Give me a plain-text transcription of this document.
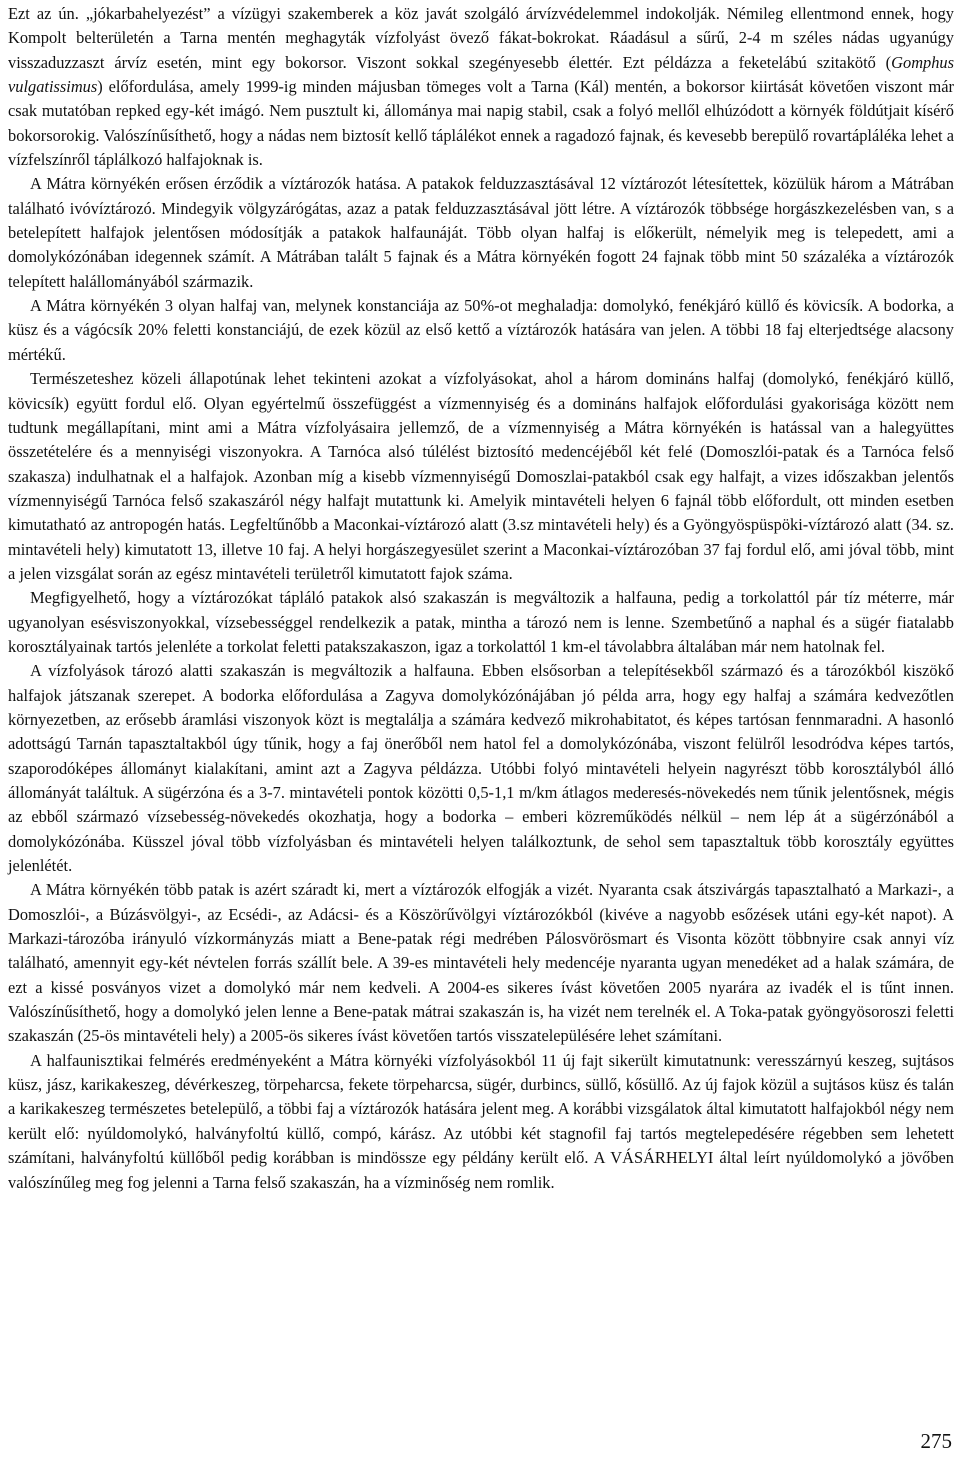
Ezt az ún. „jókarbahelyezést” a vízügyi szakemberek a köz javát szolgáló árvízvédelemmel indokolják. Némileg ellentmond ennek, hogy Kompolt belterületén a Tarna mentén meghagyták vízfolyást övező fákat-bokrokat. Ráadásul a sűrű, 2-4 m széles nádas ugyanúgy visszaduzzaszt árvíz esetén, mint egy bokorsor. Viszont sokkal szegényesebb élettér. Ezt példázza a feketelábú szitakötő (Gomphus vulgatissimus) előfordulása, amely 1999-ig minden májusban tömeges volt a Tarna (Kál) mentén, a bokorsor kiirtását követően viszont már csak mutatóban repked egy-két imágó. Nem pusztult ki, állománya mai napig stabil, csak a folyó mellől elhúzódott a környék földútjait kísérő bokorsorokig. Valószínűsíthető, hogy a nádas nem biztosít kellő táplálékot ennek a ragadozó fajnak, és kevesebb berepülő rovartápláléka lehet a vízfelszínről táplálkozó halfajoknak is.

A Mátra környékén erősen érződik a víztározók hatása. A patakok felduzzasztásával 12 víztározót létesítettek, közülük három a Mátrában található ivóvíztározó. Mindegyik völgyzárógátas, azaz a patak felduzzasztásával jött létre. A víztározók többsége horgászkezelésben van, s a betelepített halfajok jelentősen módosítják a patakok halfaunáját. Több olyan halfaj is előkerült, némelyik meg is telepedett, ami a domolykózónában idegennek számít. A Mátrában talált 5 fajnak és a Mátra környékén fogott 24 fajnak több mint 50 százaléka a víztározók telepített halállományából származik.

A Mátra környékén 3 olyan halfaj van, melynek konstanciája az 50%-ot meghaladja: domolykó, fenékjáró küllő és kövicsík. A bodorka, a küsz és a vágócsík 20% feletti konstanciájú, de ezek közül az első kettő a víztározók hatására van jelen. A többi 18 faj elterjedtsége alacsony mértékű.

Természeteshez közeli állapotúnak lehet tekinteni azokat a vízfolyásokat, ahol a három domináns halfaj (domolykó, fenékjáró küllő, kövicsík) együtt fordul elő. Olyan egyértelmű összefüggést a vízmennyiség és a domináns halfajok előfordulási gyakorisága között nem tudtunk megállapítani, mint ami a Mátra vízfolyásaira jellemző, de a vízmennyiség a Mátra környékén is hatással van a halegyüttes összetételére és a mennyiségi viszonyokra. A Tarnóca alsó túlélést biztosító medencéjéből két felé (Domoszlói-patak és a Tarnóca felső szakasza) indulhatnak el a halfajok. Azonban míg a kisebb vízmennyiségű Domoszlai-patakból csak egy halfajt, a vizes időszakban jelentős vízmennyiségű Tarnóca felső szakaszáról négy halfajt mutattunk ki. Amelyik mintavételi helyen 6 fajnál több előfordult, ott minden esetben kimutatható az antropogén hatás. Legfeltűnőbb a Maconkai-víztározó alatt (3.sz mintavételi hely) és a Gyöngyöspüspöki-víztározó alatt (34. sz. mintavételi hely) kimutatott 13, illetve 10 faj. A helyi horgászegyesület szerint a Maconkai-víztározóban 37 faj fordul elő, ami jóval több, mint a jelen vizsgálat során az egész mintavételi területről kimutatott fajok száma.

Megfigyelhető, hogy a víztározókat tápláló patakok alsó szakaszán is megváltozik a halfauna, pedig a torkolattól pár tíz méterre, már ugyanolyan esésviszonyokkal, vízsebességgel rendelkezik a patak, mintha a tározó nem is lenne. Szembetűnő a naphal és a sügér fiatalabb korosztályainak tartós jelenléte a torkolat feletti patakszakaszon, igaz a torkolattól 1 km-el távolabbra általában már nem hatolnak fel.

A vízfolyások tározó alatti szakaszán is megváltozik a halfauna. Ebben elsősorban a telepítésekből származó és a tározókból kiszökő halfajok játszanak szerepet. A bodorka előfordulása a Zagyva domolykózónájában jó példa arra, hogy egy halfaj a számára kedvezőtlen környezetben, az erősebb áramlási viszonyok közt is megtalálja a számára kedvező mikrohabitatot, és képes tartósan fennmaradni. A hasonló adottságú Tarnán tapasztaltakból úgy tűnik, hogy a faj önerőből nem hatol fel a domolykózónába, viszont felülről lesodródva képes tartós, szaporodóképes állományt kialakítani, amint azt a Zagyva példázza. Utóbbi folyó mintavételi helyein nagyrészt több korosztályból álló állományát találtuk. A sügérzóna és a 3-7. mintavételi pontok közötti 0,5-1,1 m/km átlagos mederesés-növekedés nem tűnik jelentősnek, mégis az ebből származó vízsebesség-növekedés okozhatja, hogy a bodorka – emberi közreműködés nélkül – nem lép át a sügérzónából a domolykózónába. Küsszel jóval több vízfolyásban és mintavételi helyen találkoztunk, de sehol sem tapasztaltuk több korosztály együttes jelenlétét.

A Mátra környékén több patak is azért száradt ki, mert a víztározók elfogják a vizét. Nyaranta csak átszivárgás tapasztalható a Markazi-, a Domoszlói-, a Búzásvölgyi-, az Ecsédi-, az Adácsi- és a Köszörűvölgyi víztározókból (kivéve a nagyobb esőzések utáni egy-két napot). A Markazi-tározóba irányuló vízkormányzás miatt a Bene-patak régi medrében Pálosvörösmart és Visonta között többnyire csak annyi víz található, amennyit egy-két névtelen forrás szállít bele. A 39-es mintavételi hely medencéje nyaranta ugyan menedéket ad a halak számára, de ezt a kissé posványos vizet a domolykó már nem kedveli. A 2004-es sikeres ívást követően 2005 nyarára az ivadék el is tűnt innen. Valószínűsíthető, hogy a domolykó jelen lenne a Bene-patak mátrai szakaszán is, ha vizét nem terelnék el. A Toka-patak gyöngyösoroszi feletti szakaszán (25-ös mintavételi hely) a 2005-ös sikeres ívást követően tartós visszatelepülésére lehet számítani.

A halfaunisztikai felmérés eredményeként a Mátra környéki vízfolyásokból 11 új fajt sikerült kimutatnunk: veresszárnyú keszeg, sujtásos küsz, jász, karikakeszeg, dévérkeszeg, törpeharcsa, fekete törpeharcsa, sügér, durbincs, süllő, kősüllő. Az új fajok közül a sujtásos küsz és talán a karikakeszeg természetes betelepülő, a többi faj a víztározók hatására jelent meg. A korábbi vizsgálatok által kimutatott halfajokból négy nem került elő: nyúldomolykó, halványfoltú küllő, compó, kárász. Az utóbbi két stagnofil faj tartós megtelepedésére régebben sem lehetett számítani, halványfoltú küllőből pedig korábban is mindössze egy példány került elő. A VÁSÁRHELYI által leírt nyúldomolykó a jövőben valószínűleg meg fog jelenni a Tarna felső szakaszán, ha a vízminőség nem romlik.

275
